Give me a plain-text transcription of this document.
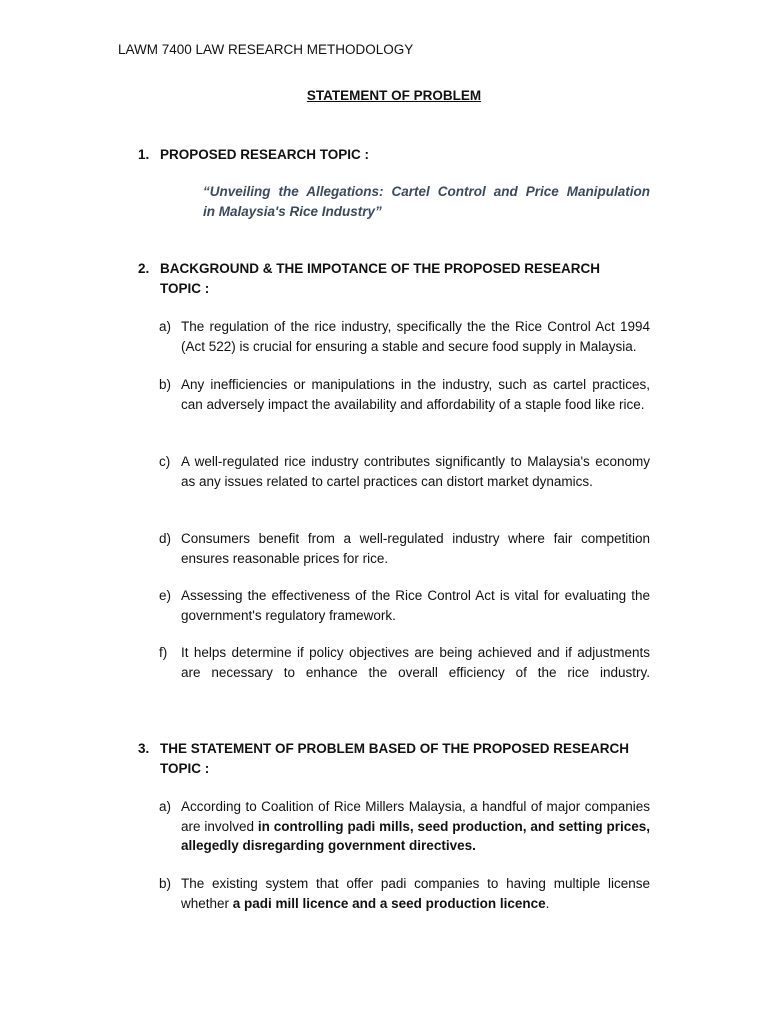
LAWM 7400 LAW RESEARCH METHODOLOGY
STATEMENT OF PROBLEM
1. PROPOSED RESEARCH TOPIC :
“Unveiling the Allegations: Cartel Control and Price Manipulation
in Malaysia's Rice Industry”
2. BACKGROUND & THE IMPOTANCE OF THE PROPOSED RESEARCH
TOPIC :
a) The regulation of the rice industry, specifically the the Rice Control Act 1994 (Act 522) is crucial for ensuring a stable and secure food supply in Malaysia.
b) Any inefficiencies or manipulations in the industry, such as cartel practices, can adversely impact the availability and affordability of a staple food like rice.
c) A well-regulated rice industry contributes significantly to Malaysia's economy as any issues related to cartel practices can distort market dynamics.
d) Consumers benefit from a well-regulated industry where fair competition ensures reasonable prices for rice.
e) Assessing the effectiveness of the Rice Control Act is vital for evaluating the government's regulatory framework.
f)	It helps determine if policy objectives are being achieved and if adjustments are necessary to enhance the overall efficiency of the rice industry.
3. THE STATEMENT OF PROBLEM BASED OF THE PROPOSED RESEARCH
TOPIC :
a) According to Coalition of Rice Millers Malaysia, a handful of major companies are involved in controlling padi mills, seed production, and setting prices, allegedly disregarding government directives.
b) The existing system that offer padi companies to having multiple license whether a padi mill licence and a seed production licence.
